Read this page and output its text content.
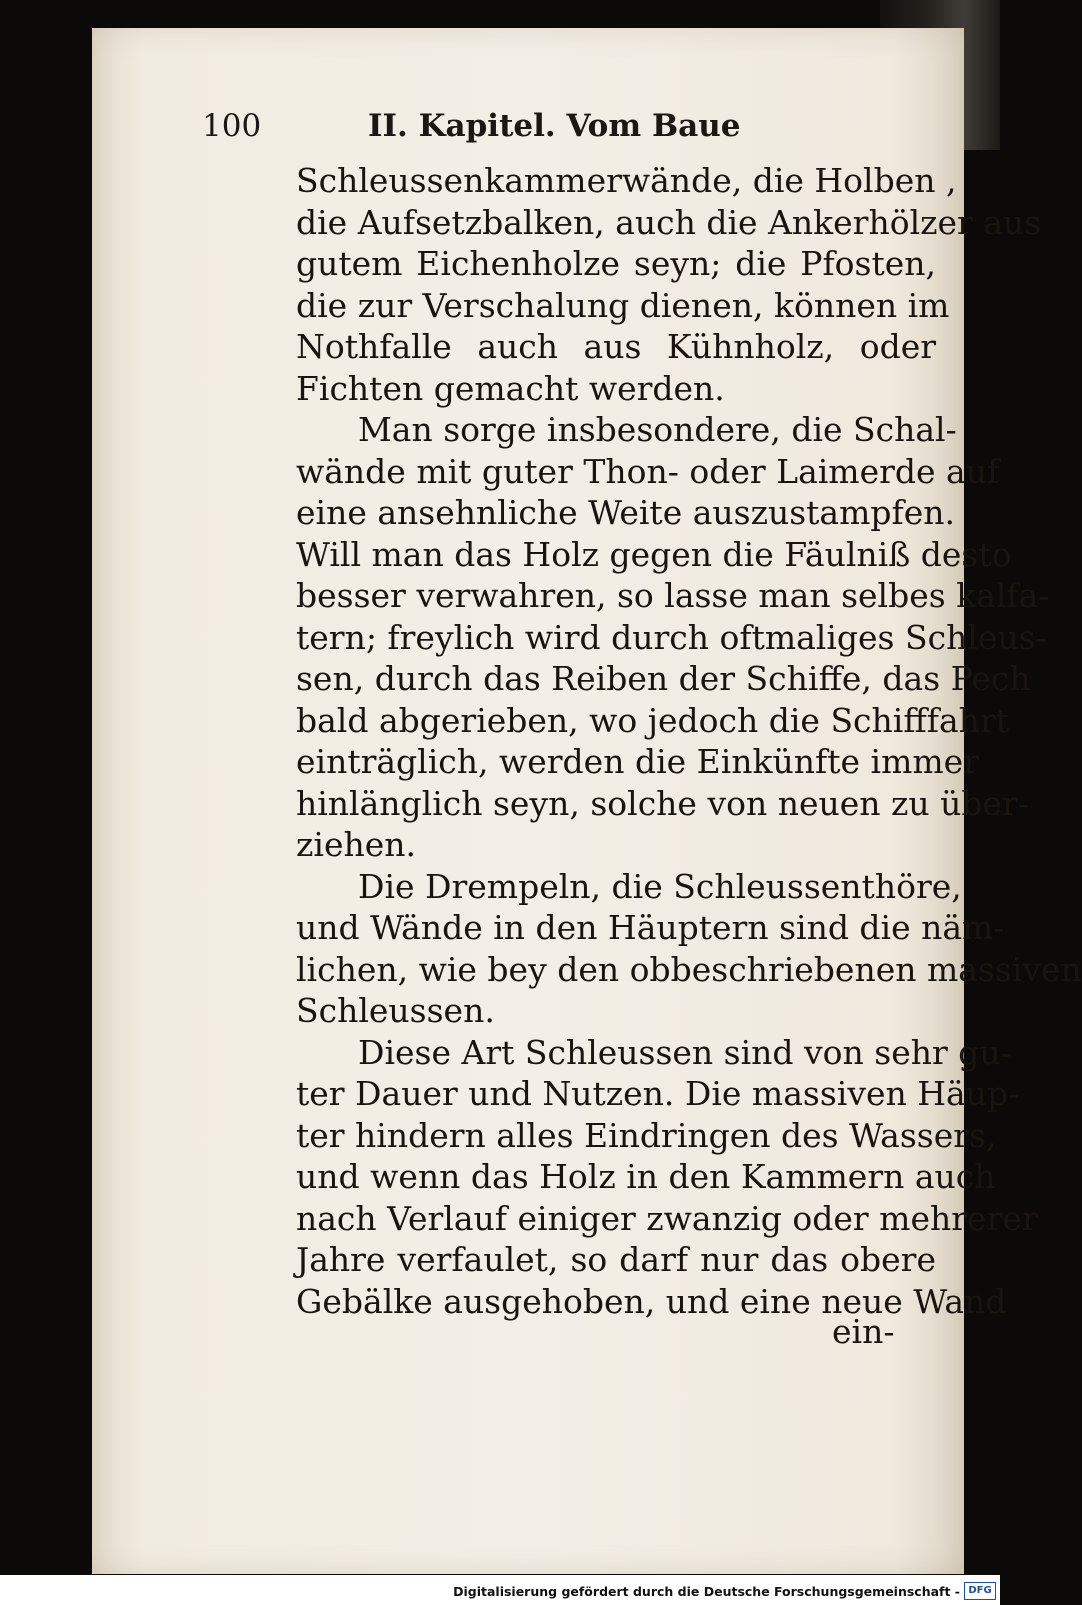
100	II. Kapitel. Vom Baue
Schleussenkammerwände, die Holben ,
die Aufsetzbalken, auch die Ankerhölzer aus
gutem Eichenholze seyn; die Pfosten,
die zur Verschalung dienen, können im
Nothfalle auch aus Kühnholz, oder
Fichten gemacht werden.
Man sorge insbesondere, die Schal-
wände mit guter Thon- oder Laimerde auf
eine ansehnliche Weite auszustampfen.
Will man das Holz gegen die Fäulniß desto
besser verwahren, so lasse man selbes kalfa-
tern; freylich wird durch oftmaliges Schleus-
sen, durch das Reiben der Schiffe, das Pech
bald abgerieben, wo jedoch die Schifffahrt
einträglich, werden die Einkünfte immer
hinlänglich seyn, solche von neuen zu über-
ziehen.
Die Drempeln, die Schleussenthöre,
und Wände in den Häuptern sind die näm-
lichen, wie bey den obbeschriebenen massiven
Schleussen.
Diese Art Schleussen sind von sehr gu-
ter Dauer und Nutzen. Die massiven Häup-
ter hindern alles Eindringen des Wassers,
und wenn das Holz in den Kammern auch
nach Verlauf einiger zwanzig oder mehrerer
Jahre verfaulet, so darf nur das obere
Gebälke ausgehoben, und eine neue Wand
ein-
Digitalisierung gefördert durch die Deutsche Forschungsgemeinschaft - DFG
